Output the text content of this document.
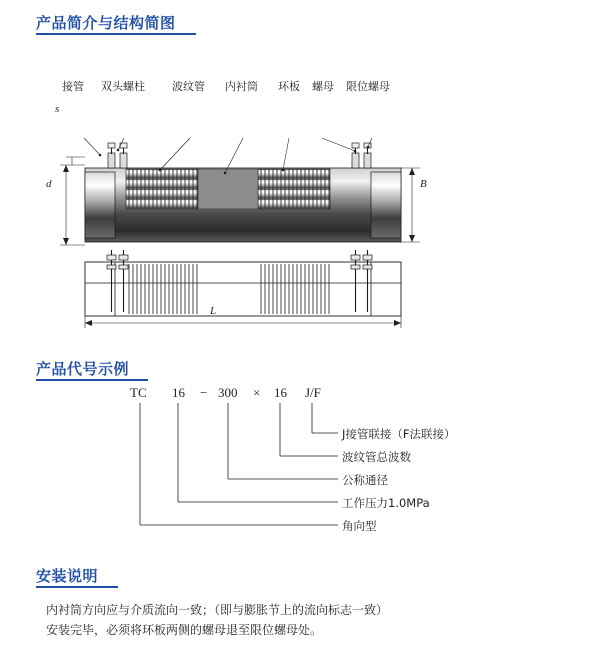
产品简介与结构简图
接管 双头螺柱 波纹管 内衬筒 环板 螺母 限位螺母
s
d	B
L
产品代号示例
TC 16 − 300 × 16 J/F
J接管联接（F法联接）
波纹管总波数
公称通径
工作压力1.0MPa
角向型
安装说明
内衬筒方向应与介质流向一致；（即与膨胀节上的流向标志一致）
安装完毕，必须将环板两侧的螺母退至限位螺母处。
